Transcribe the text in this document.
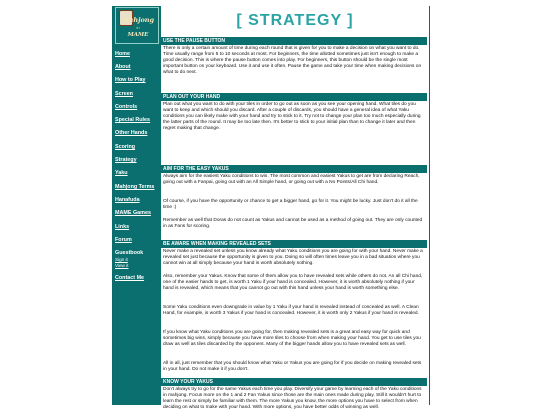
Mahjong
in
MAME
Home
About
How to Play
Screen
Controls
Special Rules
Other Hands
Scoring
Strategy
Yaku
Mahjong Terms
Hanafuda
MAME Games
Links
Forum
Guestbook
Sign it
View it
Contact Me
[ STRATEGY ]
USE THE PAUSE BUTTON
There is only a certain amount of time during each round that is given for you to make a decision on what you want to do. Time usually range from 5 to 10 seconds at most. For beginners, the time allotted sometimes just isn't enough to make a good decision. This is where the pause button comes into play. For beginners, this button should be the single most important button on your keyboard. Use it and use it often. Pause the game and take your time when making decisions on what to do next.
PLAN OUT YOUR HAND
Plan out what you want to do with your tiles in order to go out as soon as you see your opening hand. What tiles do you want to keep and which should you discard. After a couple of discards, you should have a general idea of what Yaku conditions you can likely make with your hand and try to stick to it. Try not to change your plan too much especially during the latter parts of the round. It may be too late then. It's better to stick to your initial plan than to change it later and then regret making that change.
AIM FOR THE EASY YAKUS
Always aim for the easiest Yaku conditions to win. The most common and easiest Yakus to get are from declaring Reach, going out with a Fanpai, going out with an All Simple hand, or going out with a No Points/All Chi hand.
Of course, if you have the opportunity or chance to get a bigger hand, go for it. You might be lucky. Just don't do it all the time :)
Remember as well that Doras do not count as Yakus and cannot be used as a method of going out. They are only counted in as Fans for scoring.
BE AWARE WHEN MAKING REVEALED SETS
Never make a revealed set unless you know already what Yaku conditions you are going for with your hand. Never make a revealed set just because the opportunity is given to you. Doing so will often times leave you in a bad situation where you cannot win at all simply because your hand is worth absolutely nothing.
Also, remember your Yakus. Know that some of them allow you to have revealed sets while others do not. An all Chi hand, one of the easier hands to get, is worth 1 Yaku if your hand is concealed. However, it is worth absolutely nothing if your hand is revealed, which means that you cannot go out with this hand unless your hand is worth something else.
Some Yaku conditions even downgrade in value by 1 Yaku if your hand is revealed instead of concealed as well. A Clean Hand, for example, is worth 3 Yakus if your hand is concealed. However, it is worth only 2 Yakus if your hand is revealed.
If you know what Yaku conditions you are going for, then making revealed sets is a great and easy way for quick and sometimes big wins, simply because you have more tiles to choose from when making your hand. You get to use tiles you draw as well as tiles discarded by the opponent. Many of the bigger hands allow you to have revealed sets as well.
All in all, just remember that you should know what Yaku or Yakus you are going for if you decide on making revealed sets in your hand. Do not make it if you don't.
KNOW YOUR YAKUS
Don't always try to go for the same Yakus each time you play. Diversify your game by learning each of the Yaku conditions in mahjong. Focus more on the 1 and 2 Fan Yakus since those are the main ones made during play. Still it wouldn't hurt to learn the rest or simply be familiar with them. The more Yakus you know, the more options you have to select from when deciding on what to make with your hand. With more options, you have better odds of winning as well.
